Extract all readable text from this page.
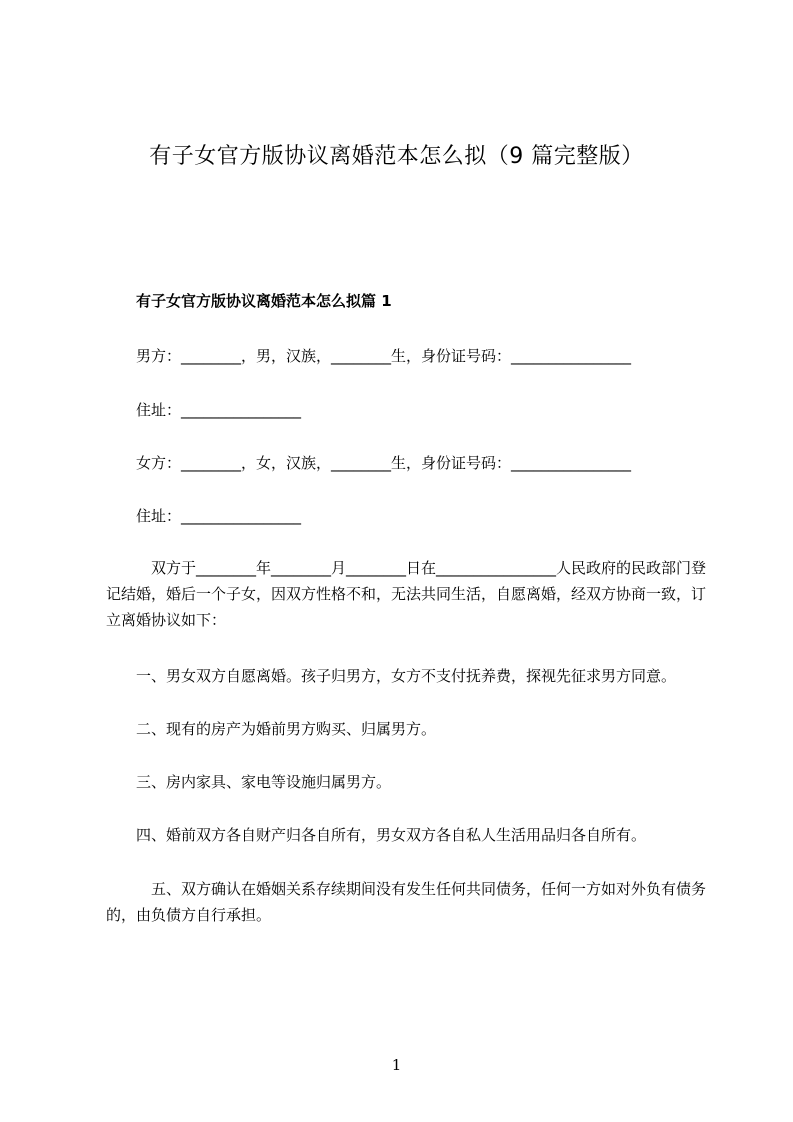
有子女官方版协议离婚范本怎么拟（9 篇完整版）
有子女官方版协议离婚范本怎么拟篇 1
男方：________，男，汉族，________生，身份证号码：________________
住址：________________
女方：________，女，汉族，________生，身份证号码：________________
住址：________________
　双方于________年________月________日在________________人民政府的民政部门登记结婚，婚后一个子女，因双方性格不和，无法共同生活，自愿离婚，经双方协商一致，订立离婚协议如下：
一、男女双方自愿离婚。孩子归男方，女方不支付抚养费，探视先征求男方同意。
二、现有的房产为婚前男方购买、归属男方。
三、房内家具、家电等设施归属男方。
四、婚前双方各自财产归各自所有，男女双方各自私人生活用品归各自所有。
　五、双方确认在婚姻关系存续期间没有发生任何共同债务，任何一方如对外负有债务的，由负债方自行承担。
1
